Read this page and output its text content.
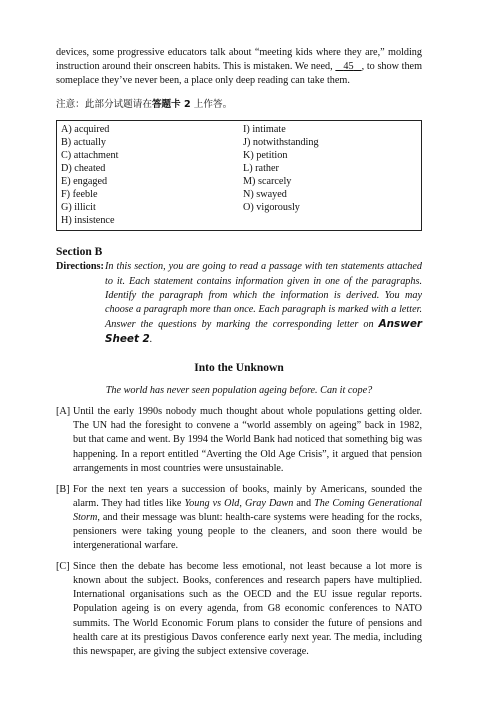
devices, some progressive educators talk about “meeting kids where they are,” molding instruction around their onscreen habits. This is mistaken. We need, 45 , to show them someplace they’ve never been, a place only deep reading can take them.

注意：此部分试题请在答题卡 2 上作答。

A) acquired	I) intimate
B) actually	J) notwithstanding
C) attachment	K) petition
D) cheated	L) rather
E) engaged	M) scarcely
F) feeble	N) swayed
G) illicit	O) vigorously
H) insistence	

Section B

Directions: In this section, you are going to read a passage with ten statements attached to it. Each statement contains information given in one of the paragraphs. Identify the paragraph from which the information is derived. You may choose a paragraph more than once. Each paragraph is marked with a letter. Answer the questions by marking the corresponding letter on Answer Sheet 2.

Into the Unknown

The world has never seen population ageing before. Can it cope?

[A] Until the early 1990s nobody much thought about whole populations getting older. The UN had the foresight to convene a “world assembly on ageing” back in 1982, but that came and went. By 1994 the World Bank had noticed that something big was happening. In a report entitled “Averting the Old Age Crisis”, it argued that pension arrangements in most countries were unsustainable.
[B] For the next ten years a succession of books, mainly by Americans, sounded the alarm. They had titles like Young vs Old, Gray Dawn and The Coming Generational Storm, and their message was blunt: health-care systems were heading for the rocks, pensioners were taking young people to the cleaners, and soon there would be intergenerational warfare.
[C] Since then the debate has become less emotional, not least because a lot more is known about the subject. Books, conferences and research papers have multiplied. International organisations such as the OECD and the EU issue regular reports. Population ageing is on every agenda, from G8 economic conferences to NATO summits. The World Economic Forum plans to consider the future of pensions and health care at its prestigious Davos conference early next year. The media, including this newspaper, are giving the subject extensive coverage.
